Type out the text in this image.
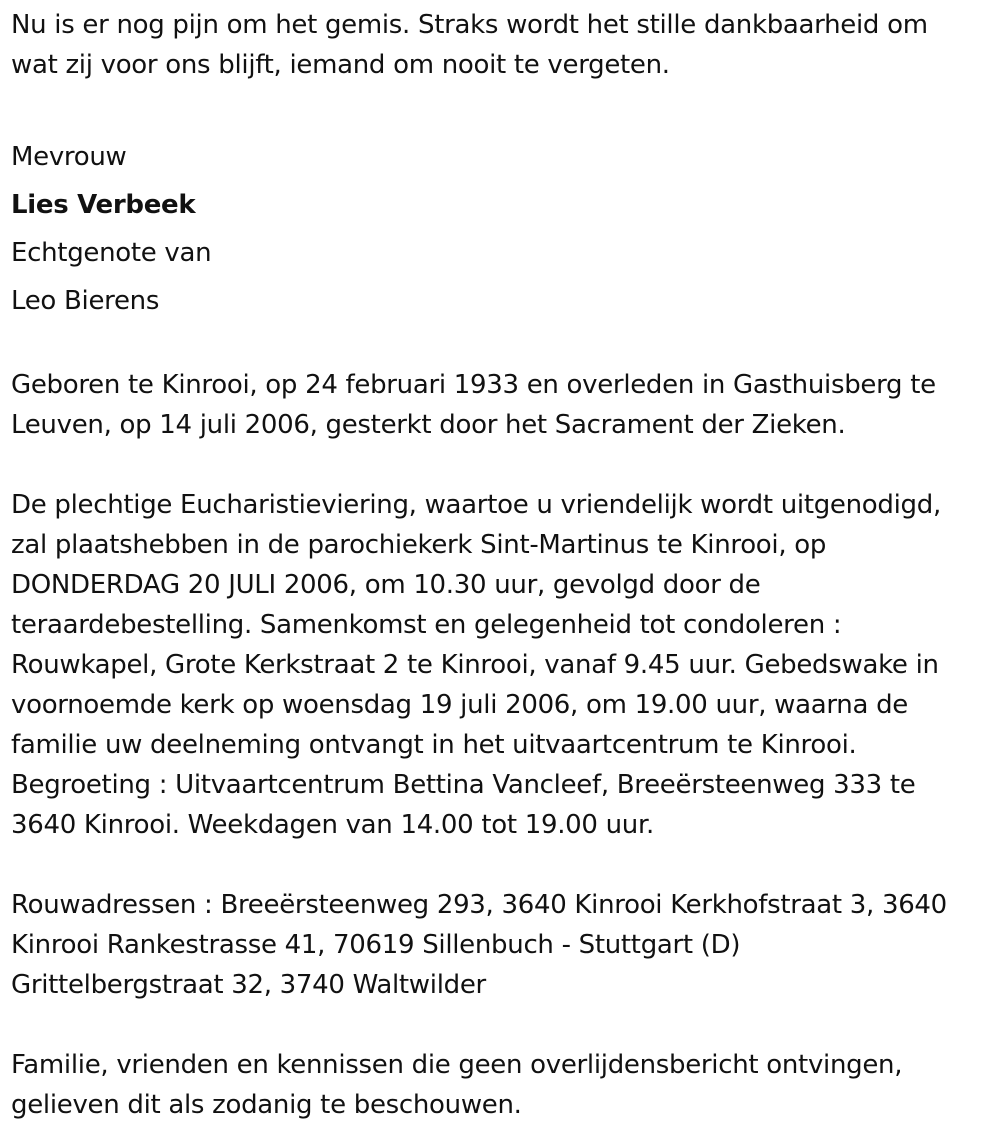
Nu is er nog pijn om het gemis. Straks wordt het stille dankbaarheid om
wat zij voor ons blijft, iemand om nooit te vergeten.

Mevrouw
Lies Verbeek
Echtgenote van
Leo Bierens

Geboren te Kinrooi, op 24 februari 1933 en overleden in Gasthuisberg te
Leuven, op 14 juli 2006, gesterkt door het Sacrament der Zieken.

De plechtige Eucharistieviering, waartoe u vriendelijk wordt uitgenodigd,
zal plaatshebben in de parochiekerk Sint-Martinus te Kinrooi, op
DONDERDAG 20 JULI 2006, om 10.30 uur, gevolgd door de
teraardebestelling. Samenkomst en gelegenheid tot condoleren :
Rouwkapel, Grote Kerkstraat 2 te Kinrooi, vanaf 9.45 uur. Gebedswake in
voornoemde kerk op woensdag 19 juli 2006, om 19.00 uur, waarna de
familie uw deelneming ontvangt in het uitvaartcentrum te Kinrooi.
Begroeting : Uitvaartcentrum Bettina Vancleef, Breeërsteenweg 333 te
3640 Kinrooi. Weekdagen van 14.00 tot 19.00 uur.

Rouwadressen : Breeërsteenweg 293, 3640 Kinrooi Kerkhofstraat 3, 3640
Kinrooi Rankestrasse 41, 70619 Sillenbuch - Stuttgart (D)
Grittelbergstraat 32, 3740 Waltwilder

Familie, vrienden en kennissen die geen overlijdensbericht ontvingen,
gelieven dit als zodanig te beschouwen.
